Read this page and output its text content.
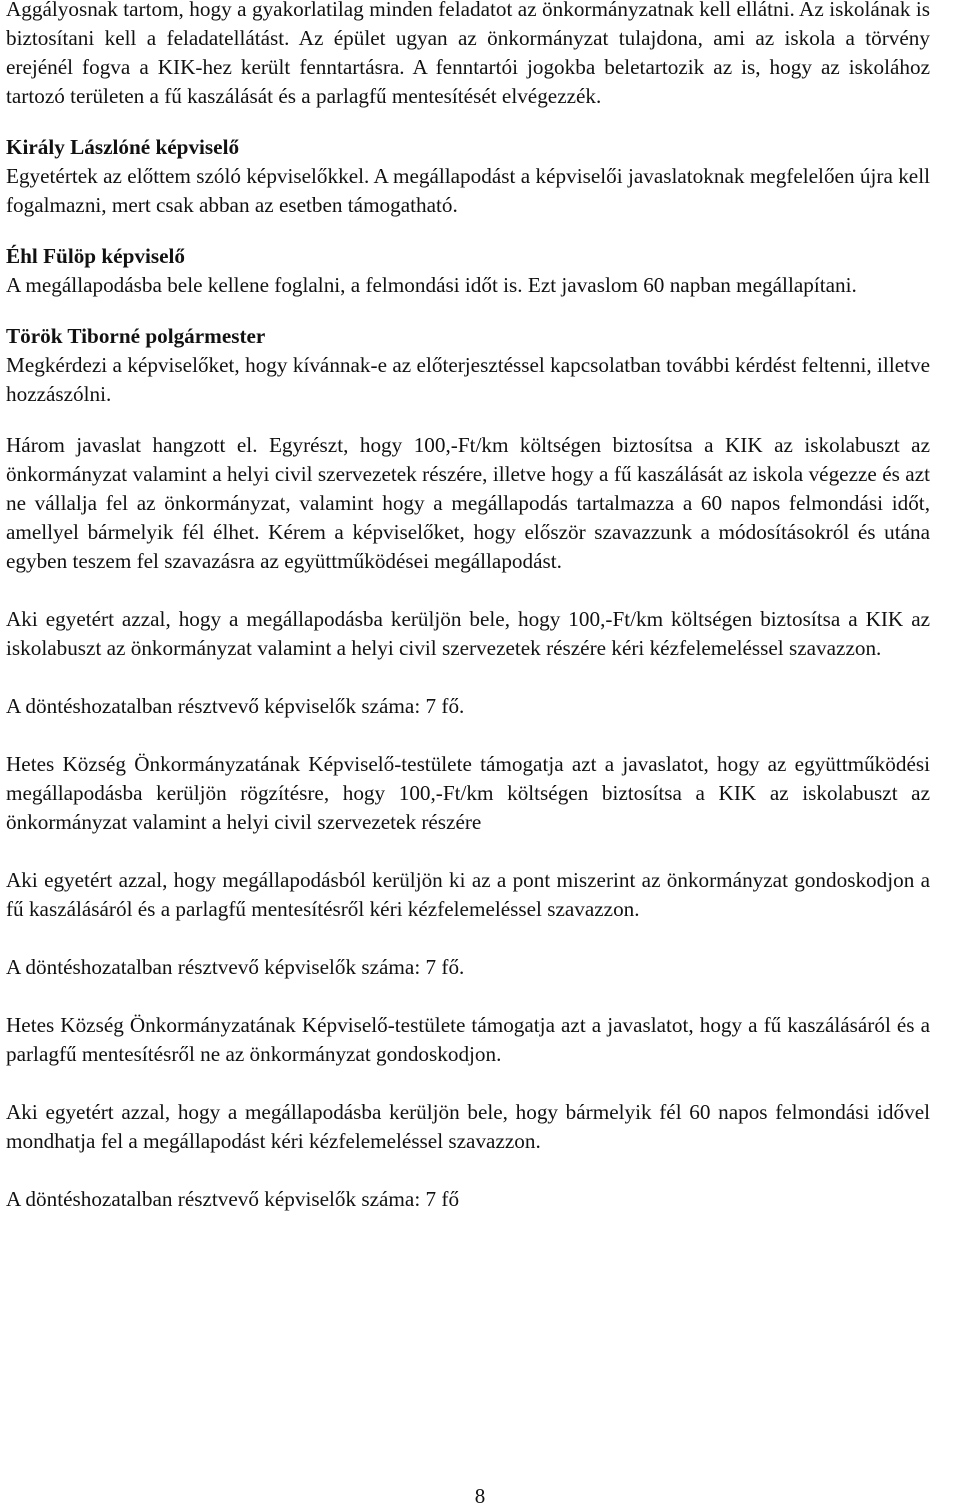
Aggályosnak tartom, hogy a gyakorlatilag minden feladatot az önkormányzatnak kell ellátni. Az iskolának is biztosítani kell a feladatellátást. Az épület ugyan az önkormányzat tulajdona, ami az iskola a törvény erejénél fogva a KIK-hez került fenntartásra. A fenntartói jogokba beletartozik az is, hogy az iskolához tartozó területen a fű kaszálását és a parlagfű mentesítését elvégezzék.

Király Lászlóné képviselő

Egyetértek az előttem szóló képviselőkkel. A megállapodást a képviselői javaslatoknak megfelelően újra kell fogalmazni, mert csak abban az esetben támogatható.

Éhl Fülöp képviselő

A megállapodásba bele kellene foglalni, a felmondási időt is. Ezt javaslom 60 napban megállapítani.

Török Tiborné polgármester

Megkérdezi a képviselőket, hogy kívánnak-e az előterjesztéssel kapcsolatban további kérdést feltenni, illetve hozzászólni.

Három javaslat hangzott el. Egyrészt, hogy 100,-Ft/km költségen biztosítsa a KIK az iskolabuszt az önkormányzat valamint a helyi civil szervezetek részére, illetve hogy a fű kaszálását az iskola végezze és azt ne vállalja fel az önkormányzat, valamint hogy a megállapodás tartalmazza a 60 napos felmondási időt, amellyel bármelyik fél élhet. Kérem a képviselőket, hogy először szavazzunk a módosításokról és utána egyben teszem fel szavazásra az együttműködései megállapodást.

Aki egyetért azzal, hogy a megállapodásba kerüljön bele, hogy 100,-Ft/km költségen biztosítsa a KIK az iskolabuszt az önkormányzat valamint a helyi civil szervezetek részére kéri kézfelemeléssel szavazzon.

A döntéshozatalban résztvevő képviselők száma: 7 fő.

Hetes Község Önkormányzatának Képviselő-testülete támogatja azt a javaslatot, hogy az együttműködési megállapodásba kerüljön rögzítésre, hogy 100,-Ft/km költségen biztosítsa a KIK az iskolabuszt az önkormányzat valamint a helyi civil szervezetek részére

Aki egyetért azzal, hogy megállapodásból kerüljön ki az a pont miszerint az önkormányzat gondoskodjon a fű kaszálásáról és a parlagfű mentesítésről kéri kézfelemeléssel szavazzon.

A döntéshozatalban résztvevő képviselők száma: 7 fő.

Hetes Község Önkormányzatának Képviselő-testülete támogatja azt a javaslatot, hogy a fű kaszálásáról és a parlagfű mentesítésről ne az önkormányzat gondoskodjon.

Aki egyetért azzal, hogy a megállapodásba kerüljön bele, hogy bármelyik fél 60 napos felmondási idővel mondhatja fel a megállapodást kéri kézfelemeléssel szavazzon.

A döntéshozatalban résztvevő képviselők száma: 7 fő

8
